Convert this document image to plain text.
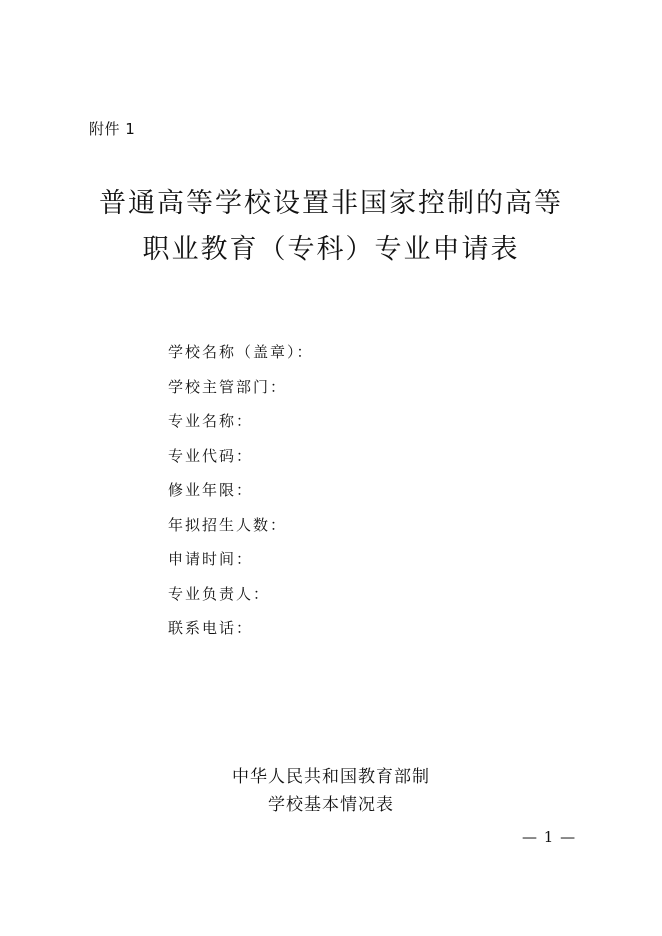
附件 1
普通高等学校设置非国家控制的高等
职业教育（专科）专业申请表
学校名称（盖章）：
学校主管部门：
专业名称：
专业代码：
修业年限：
年拟招生人数：
申请时间：
专业负责人：
联系电话：
中华人民共和国教育部制
学校基本情况表
— 1 —
